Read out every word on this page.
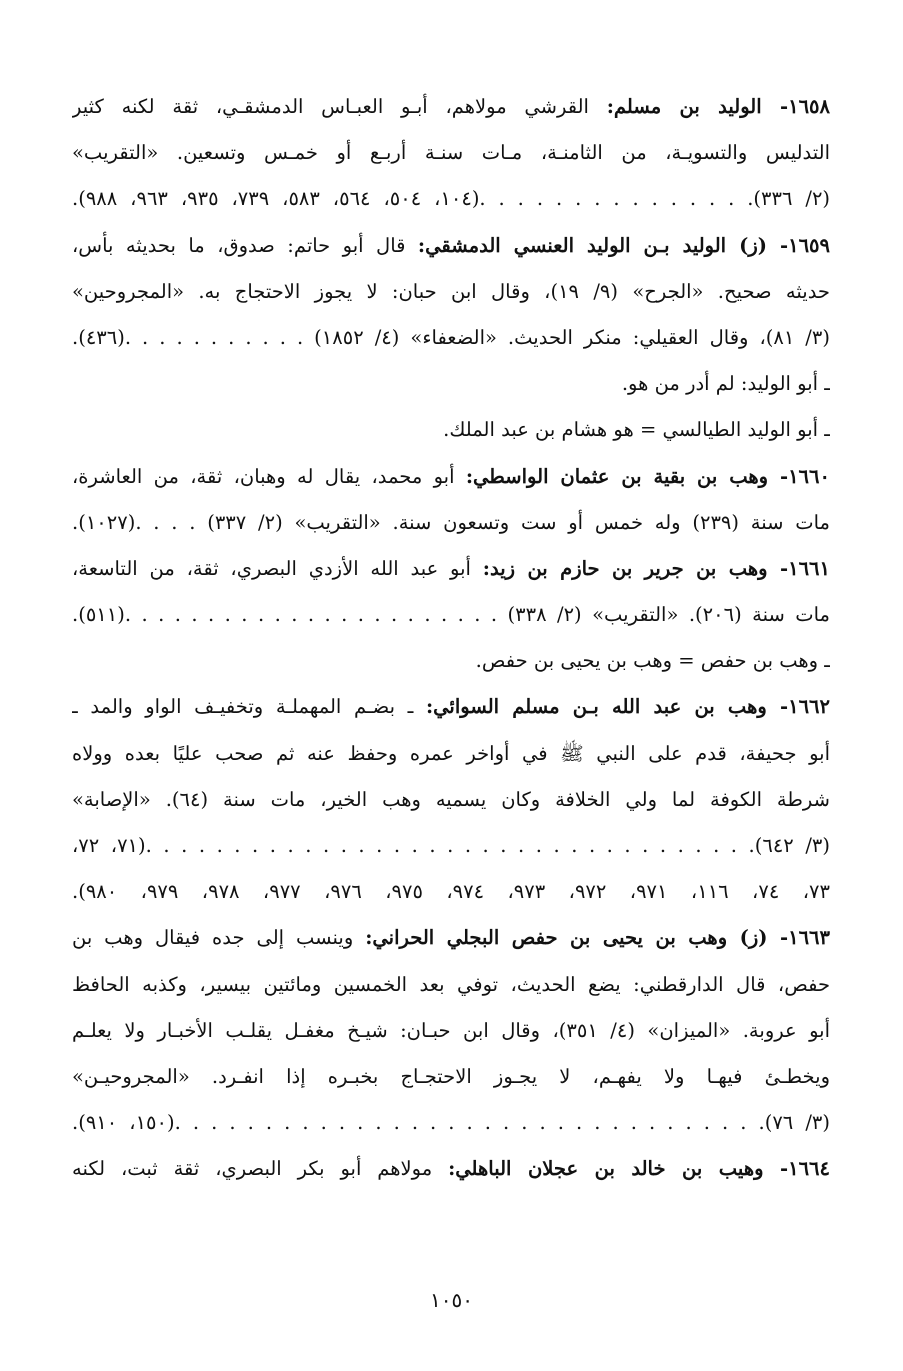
١٦٥٨- الوليد بن مسلم: القرشي مولاهم، أبـو العبـاس الدمشقـي، ثقة لكنه كثير
التدليس والتسويـة، من الثامنـة، مـات سنـة أربـع أو خمـس وتسعين. «التقريب»
(٢/ ٣٣٦). . . . . . . . . . . . . . .(١٠٤، ٥٠٤، ٥٦٤، ٥٨٣، ٧٣٩، ٩٣٥، ٩٦٣، ٩٨٨).
١٦٥٩- (ز) الوليد بـن الوليد العنسي الدمشقي: قال أبو حاتم: صدوق، ما بحديثه بأس،
حديثه صحيح. «الجرح» (٩/ ١٩)، وقال ابن حبان: لا يجوز الاحتجاج به. «المجروحين»
(٣/ ٨١)، وقال العقيلي: منكر الحديث. «الضعفاء» (٤/ ١٨٥٢) . . . . . . . . . . .(٤٣٦).
ـ أبو الوليد: لم أدر من هو.
ـ أبو الوليد الطيالسي = هو هشام بن عبد الملك.
١٦٦٠- وهب بن بقية بن عثمان الواسطي: أبو محمد، يقال له وهبان، ثقة، من العاشرة،
مات سنة (٢٣٩) وله خمس أو ست وتسعون سنة. «التقريب» (٢/ ٣٣٧) . . . .(١٠٢٧).
١٦٦١- وهب بن جرير بن حازم بن زيد: أبو عبد الله الأزدي البصري، ثقة، من التاسعة،
مات سنة (٢٠٦). «التقريب» (٢/ ٣٣٨) . . . . . . . . . . . . . . . . . . . . . . .(٥١١).
ـ وهب بن حفص = وهب بن يحيى بن حفص.
١٦٦٢- وهب بن عبد الله بـن مسلم السوائي: ـ بضـم المهملـة وتخفيـف الواو والمد ـ
أبو جحيفة، قدم على النبي ﷺ في أواخر عمره وحفظ عنه ثم صحب عليًا بعده وولاه
شرطة الكوفة لما ولي الخلافة وكان يسميه وهب الخير، مات سنة (٦٤). «الإصابة»
(٣/ ٦٤٢). . . . . . . . . . . . . . . . . . . . . . . . . . . . . . . . . . .(٧١، ٧٢،
٧٣، ٧٤، ١١٦، ٩٧١، ٩٧٢، ٩٧٣، ٩٧٤، ٩٧٥، ٩٧٦، ٩٧٧، ٩٧٨، ٩٧٩، ٩٨٠).
١٦٦٣- (ز) وهب بن يحيى بن حفص البجلي الحراني: وينسب إلى جده فيقال وهب بن
حفص، قال الدارقطني: يضع الحديث، توفي بعد الخمسين ومائتين بيسير، وكذبه الحافظ
أبو عروبة. «الميزان» (٤/ ٣٥١)، وقال ابن حبـان: شيـخ مغفـل يقلـب الأخبـار ولا يعلـم
ويخطـئ فيهـا ولا يفهـم، لا يجـوز الاحتجـاج بخبـره إذا انفـرد. «المجروحيـن»
(٣/ ٧٦). . . . . . . . . . . . . . . . . . . . . . . . . . . . . . . . .(١٥٠، ٩١٠).
١٦٦٤- وهيب بن خالد بن عجلان الباهلي: مولاهم أبو بكر البصري، ثقة ثبت، لكنه
١٠٥٠
